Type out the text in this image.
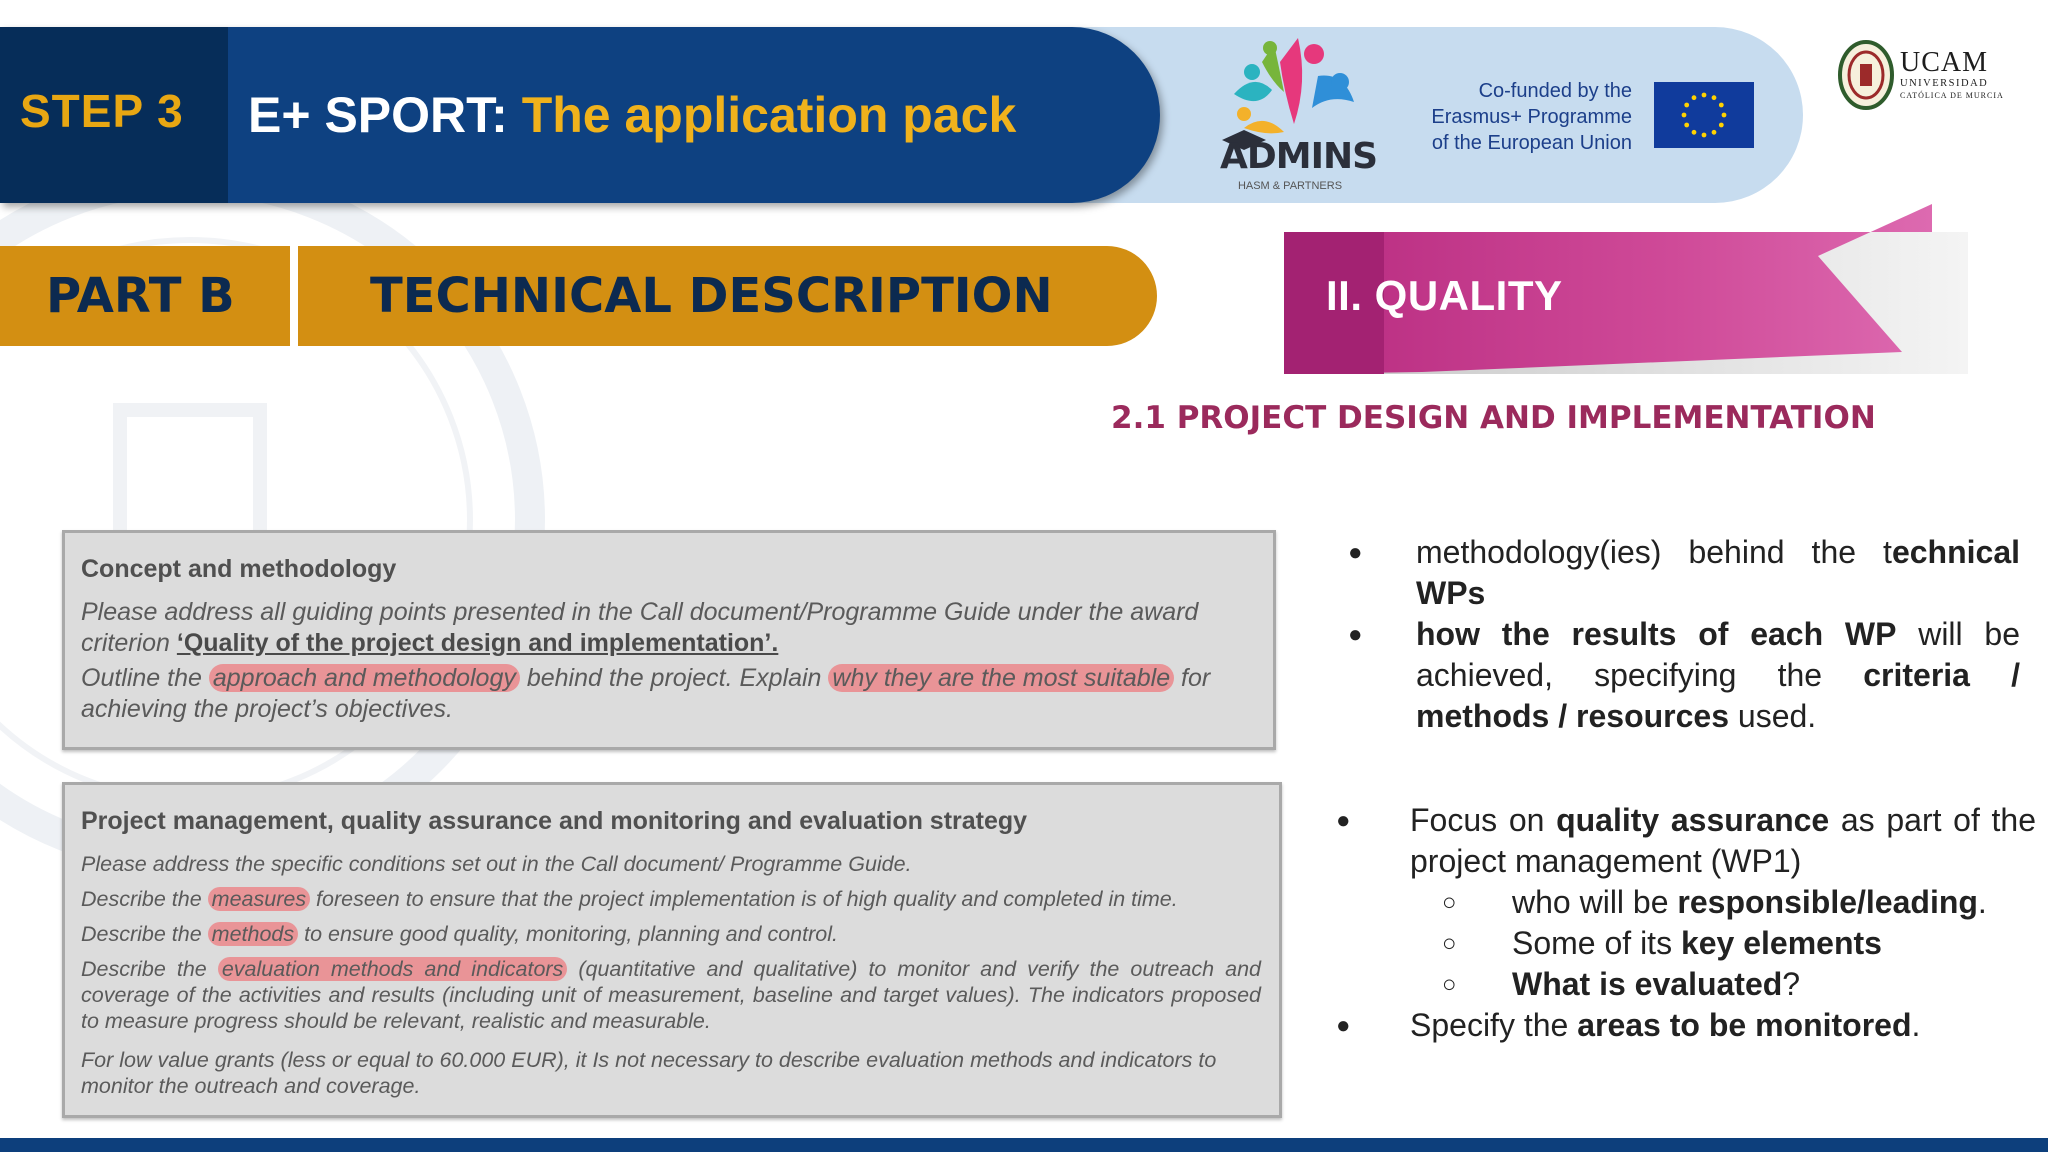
STEP 3 E+ SPORT: The application pack
ADMINS
HASM & PARTNERS
Co-funded by the
Erasmus+ Programme
of the European Union
UCAM
UNIVERSIDAD
CATÓLICA DE MURCIA
PART B	TECHNICAL DESCRIPTION	II. QUALITY
2.1 PROJECT DESIGN AND IMPLEMENTATION
Concept and methodology
Please address all guiding points presented in the Call document/Programme Guide under the award criterion ‘Quality of the project design and implementation’.
Outline the approach and methodology behind the project. Explain why they are the most suitable for achieving the project’s objectives.
Project management, quality assurance and monitoring and evaluation strategy
Please address the specific conditions set out in the Call document/ Programme Guide.
Describe the measures foreseen to ensure that the project implementation is of high quality and completed in time.
Describe the methods to ensure good quality, monitoring, planning and control.
Describe the evaluation methods and indicators (quantitative and qualitative) to monitor and verify the outreach and coverage of the activities and results (including unit of measurement, baseline and target values). The indicators proposed to measure progress should be relevant, realistic and measurable.
For low value grants (less or equal to 60.000 EUR), it Is not necessary to describe evaluation methods and indicators to monitor the outreach and coverage.
● methodology(ies) behind the technical WPs
● how the results of each WP will be achieved, specifying the criteria / methods / resources used.
● Focus on quality assurance as part of the project management (WP1)
○ who will be responsible/leading.
○ Some of its key elements
○ What is evaluated?
● Specify the areas to be monitored.
